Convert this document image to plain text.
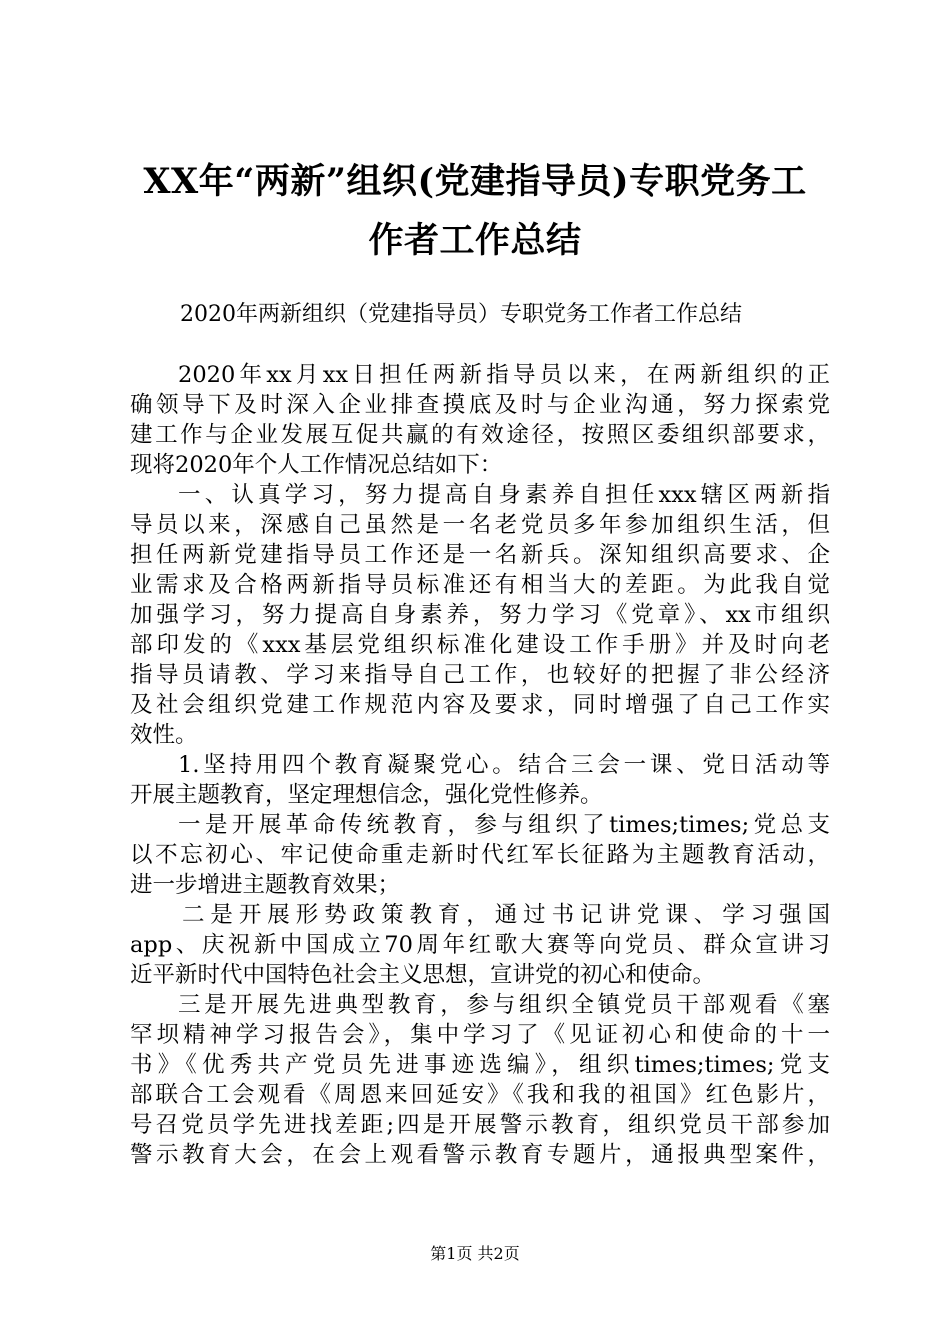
XX年“两新”组织(党建指导员)专职党务工
作者工作总结
2020年两新组织（党建指导员）专职党务工作者工作总结
2020年xx月xx日担任两新指导员以来，在两新组织的正
确领导下及时深入企业排查摸底及时与企业沟通，努力探索党
建工作与企业发展互促共赢的有效途径，按照区委组织部要求，
现将2020年个人工作情况总结如下：
一、认真学习，努力提高自身素养自担任xxx辖区两新指
导员以来，深感自己虽然是一名老党员多年参加组织生活，但
担任两新党建指导员工作还是一名新兵。深知组织高要求、企
业需求及合格两新指导员标准还有相当大的差距。为此我自觉
加强学习，努力提高自身素养，努力学习《党章》、xx市组织
部印发的《xxx基层党组织标准化建设工作手册》并及时向老
指导员请教、学习来指导自己工作，也较好的把握了非公经济
及社会组织党建工作规范内容及要求，同时增强了自己工作实
效性。
1.坚持用四个教育凝聚党心。结合三会一课、党日活动等
开展主题教育，坚定理想信念，强化党性修养。
一是开展革命传统教育，参与组织了times;times;党总支
以不忘初心、牢记使命重走新时代红军长征路为主题教育活动，
进一步增进主题教育效果；
二是开展形势政策教育，通过书记讲党课、学习强国
app、庆祝新中国成立70周年红歌大赛等向党员、群众宣讲习
近平新时代中国特色社会主义思想，宣讲党的初心和使命。
三是开展先进典型教育，参与组织全镇党员干部观看《塞
罕坝精神学习报告会》，集中学习了《见证初心和使命的十一
书》《优秀共产党员先进事迹选编》，组织times;times;党支
部联合工会观看《周恩来回延安》《我和我的祖国》红色影片，
号召党员学先进找差距;四是开展警示教育，组织党员干部参加
警示教育大会，在会上观看警示教育专题片，通报典型案件，
第1页 共2页
